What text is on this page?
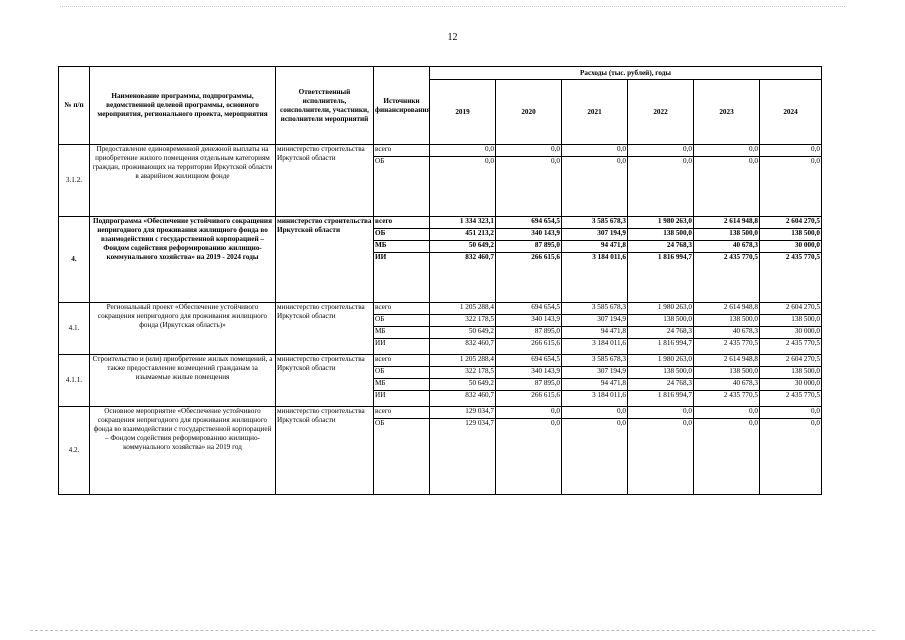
12
№ п/п	Наименование программы, подпрограммы, ведомственной целевой программы, основного мероприятия, регионального проекта, мероприятия	Ответственный исполнитель, соисполнители, участники, исполнители мероприятий	Источники финансирования	Расходы (тыс. рублей), годы					
				2019	2020	2021	2022	2023	2024
3.1.2.	Предоставление единовременной денежной выплаты на приобретение жилого помещения отдельным категориям граждан, проживающих на территории Иркутской области в аварийном жилищном фонде	министерство строительства Иркутской области	всего	0,0	0,0	0,0	0,0	0,0	0,0
			ОБ	0,0	0,0	0,0	0,0	0,0	0,0
4.	Подпрограмма «Обеспечение устойчивого сокращения непригодного для проживания жилищного фонда во взаимодействии с государственной корпорацией – Фондом содействия реформированию жилищно-коммунального хозяйства» на 2019 - 2024 годы	министерство строительства Иркутской области	всего	1 334 323,1	694 654,5	3 585 678,3	1 980 263,0	2 614 948,8	2 604 270,5
			ОБ	451 213,2	340 143,9	307 194,9	138 500,0	138 500,0	138 500,0
			МБ	50 649,2	87 895,0	94 471,8	24 768,3	40 678,3	30 000,0
			ИИ	832 460,7	266 615,6	3 184 011,6	1 816 994,7	2 435 770,5	2 435 770,5
4.1.	Региональный проект «Обеспечение устойчивого сокращения непригодного для проживания жилищного фонда (Иркутская область)»	министерство строительства Иркутской области	всего	1 205 288,4	694 654,5	3 585 678,3	1 980 263,0	2 614 948,8	2 604 270,5
			ОБ	322 178,5	340 143,9	307 194,9	138 500,0	138 500,0	138 500,0
			МБ	50 649,2	87 895,0	94 471,8	24 768,3	40 678,3	30 000,0
			ИИ	832 460,7	266 615,6	3 184 011,6	1 816 994,7	2 435 770,5	2 435 770,5
4.1.1.	Строительство и (или) приобретение жилых помещений, а также предоставление возмещений гражданам за изымаемые жилые помещения	министерство строительства Иркутской области	всего	1 205 288,4	694 654,5	3 585 678,3	1 980 263,0	2 614 948,8	2 604 270,5
			ОБ	322 178,5	340 143,9	307 194,9	138 500,0	138 500,0	138 500,0
			МБ	50 649,2	87 895,0	94 471,8	24 768,3	40 678,3	30 000,0
			ИИ	832 460,7	266 615,6	3 184 011,6	1 816 994,7	2 435 770,5	2 435 770,5
4.2.	Основное мероприятие «Обеспечение устойчивого сокращения непригодного для проживания жилищного фонда во взаимодействии с государственной корпорацией – Фондом содействия реформированию жилищно-коммунального хозяйства» на 2019 год	министерство строительства Иркутской области	всего	129 034,7	0,0	0,0	0,0	0,0	0,0
			ОБ	129 034,7	0,0	0,0	0,0	0,0	0,0
